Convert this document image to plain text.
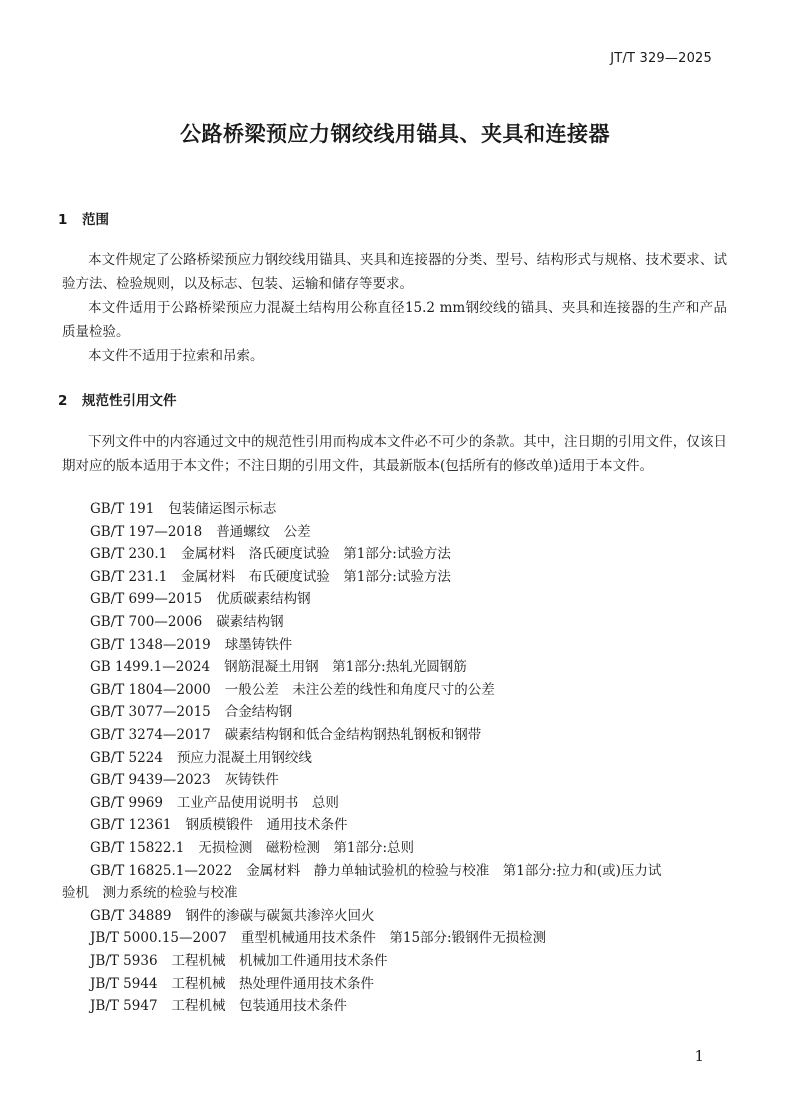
JT/T 329—2025
公路桥梁预应力钢绞线用锚具、夹具和连接器
1 范围
本文件规定了公路桥梁预应力钢绞线用锚具、夹具和连接器的分类、型号、结构形式与规格、技术要求、试验方法、检验规则，以及标志、包装、运输和储存等要求。
本文件适用于公路桥梁预应力混凝土结构用公称直径15.2 mm钢绞线的锚具、夹具和连接器的生产和产品质量检验。
本文件不适用于拉索和吊索。
2 规范性引用文件
下列文件中的内容通过文中的规范性引用而构成本文件必不可少的条款。其中，注日期的引用文件，仅该日期对应的版本适用于本文件；不注日期的引用文件，其最新版本(包括所有的修改单)适用于本文件。
GB/T 191 包装储运图示标志
GB/T 197—2018 普通螺纹　公差
GB/T 230.1 金属材料　洛氏硬度试验　第1部分:试验方法
GB/T 231.1 金属材料　布氏硬度试验　第1部分:试验方法
GB/T 699—2015 优质碳素结构钢
GB/T 700—2006 碳素结构钢
GB/T 1348—2019 球墨铸铁件
GB 1499.1—2024 钢筋混凝土用钢　第1部分:热轧光圆钢筋
GB/T 1804—2000 一般公差　未注公差的线性和角度尺寸的公差
GB/T 3077—2015 合金结构钢
GB/T 3274—2017 碳素结构钢和低合金结构钢热轧钢板和钢带
GB/T 5224 预应力混凝土用钢绞线
GB/T 9439—2023 灰铸铁件
GB/T 9969 工业产品使用说明书　总则
GB/T 12361 钢质模锻件　通用技术条件
GB/T 15822.1 无损检测　磁粉检测　第1部分:总则
GB/T 16825.1—2022 金属材料　静力单轴试验机的检验与校准　第1部分:拉力和(或)压力试
验机　测力系统的检验与校准
GB/T 34889 钢件的渗碳与碳氮共渗淬火回火
JB/T 5000.15—2007 重型机械通用技术条件　第15部分:锻钢件无损检测
JB/T 5936 工程机械　机械加工件通用技术条件
JB/T 5944 工程机械　热处理件通用技术条件
JB/T 5947 工程机械　包装通用技术条件
1
